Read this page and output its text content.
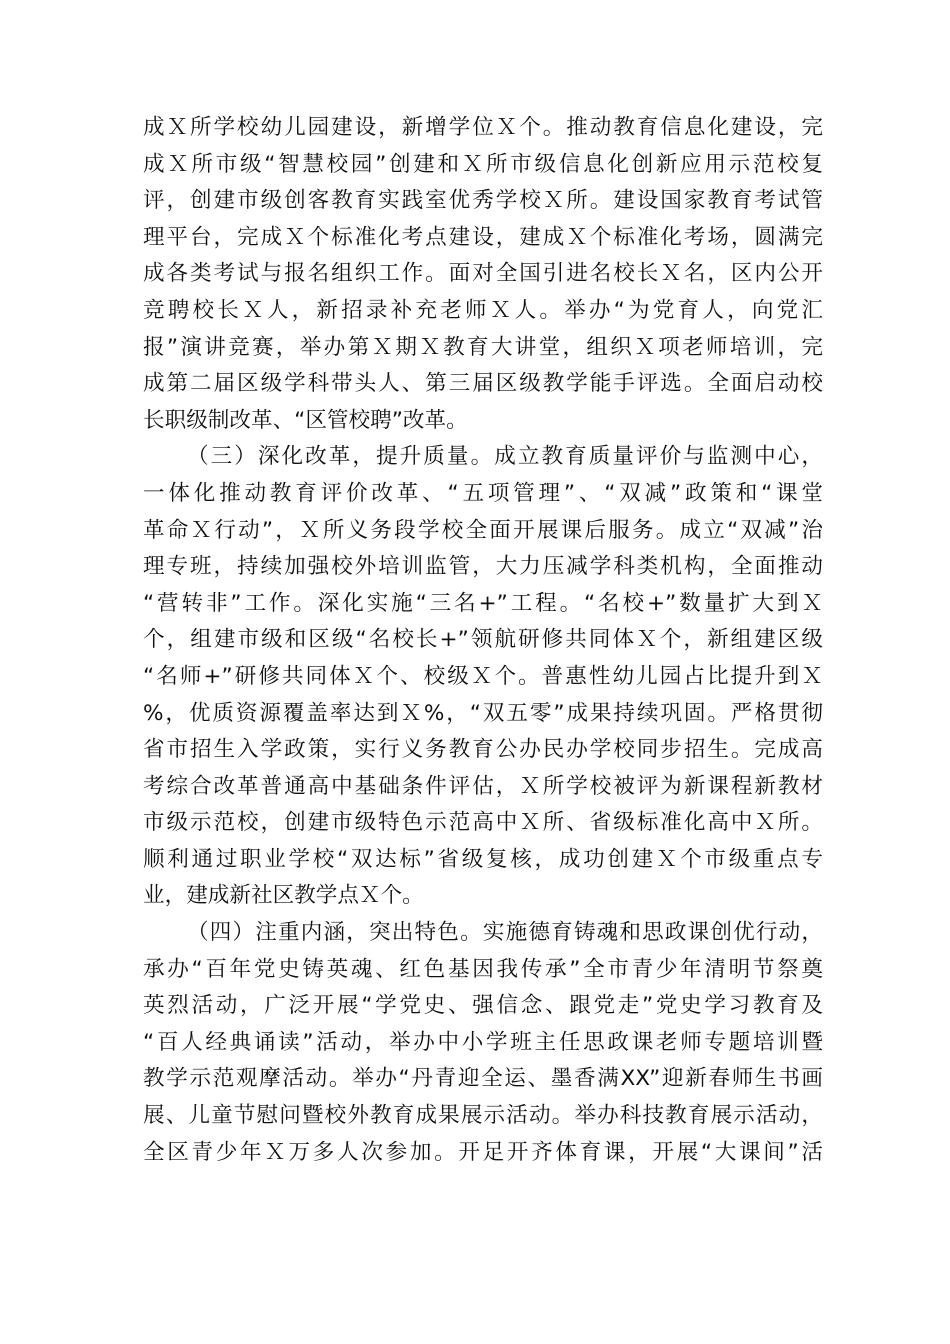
成Ｘ所学校幼儿园建设，新增学位Ｘ个。推动教育信息化建设，完
成Ｘ所市级“智慧校园”创建和Ｘ所市级信息化创新应用示范校复
评，创建市级创客教育实践室优秀学校Ｘ所。建设国家教育考试管
理平台，完成Ｘ个标准化考点建设，建成Ｘ个标准化考场，圆满完
成各类考试与报名组织工作。面对全国引进名校长Ｘ名，区内公开
竞聘校长Ｘ人，新招录补充老师Ｘ人。举办“为党育人，向党汇
报”演讲竞赛，举办第Ｘ期Ｘ教育大讲堂，组织Ｘ项老师培训，完
成第二届区级学科带头人、第三届区级教学能手评选。全面启动校
长职级制改革、“区管校聘”改革。
（三）深化改革，提升质量。成立教育质量评价与监测中心，
一体化推动教育评价改革、“五项管理”、“双减”政策和“课堂
革命Ｘ行动”，Ｘ所义务段学校全面开展课后服务。成立“双减”治
理专班，持续加强校外培训监管，大力压减学科类机构，全面推动
“营转非”工作。深化实施“三名+”工程。“名校+”数量扩大到Ｘ
个，组建市级和区级“名校长+”领航研修共同体Ｘ个，新组建区级
“名师+”研修共同体Ｘ个、校级Ｘ个。普惠性幼儿园占比提升到Ｘ
%，优质资源覆盖率达到Ｘ%，“双五零”成果持续巩固。严格贯彻
省市招生入学政策，实行义务教育公办民办学校同步招生。完成高
考综合改革普通高中基础条件评估，Ｘ所学校被评为新课程新教材
市级示范校，创建市级特色示范高中Ｘ所、省级标准化高中Ｘ所。
顺利通过职业学校“双达标”省级复核，成功创建Ｘ个市级重点专
业，建成新社区教学点Ｘ个。
（四）注重内涵，突出特色。实施德育铸魂和思政课创优行动，
承办“百年党史铸英魂、红色基因我传承”全市青少年清明节祭奠
英烈活动，广泛开展“学党史、强信念、跟党走”党史学习教育及
“百人经典诵读”活动，举办中小学班主任思政课老师专题培训暨
教学示范观摩活动。举办“丹青迎全运、墨香满XX”迎新春师生书画
展、儿童节慰问暨校外教育成果展示活动。举办科技教育展示活动，
全区青少年Ｘ万多人次参加。开足开齐体育课，开展“大课间”活
